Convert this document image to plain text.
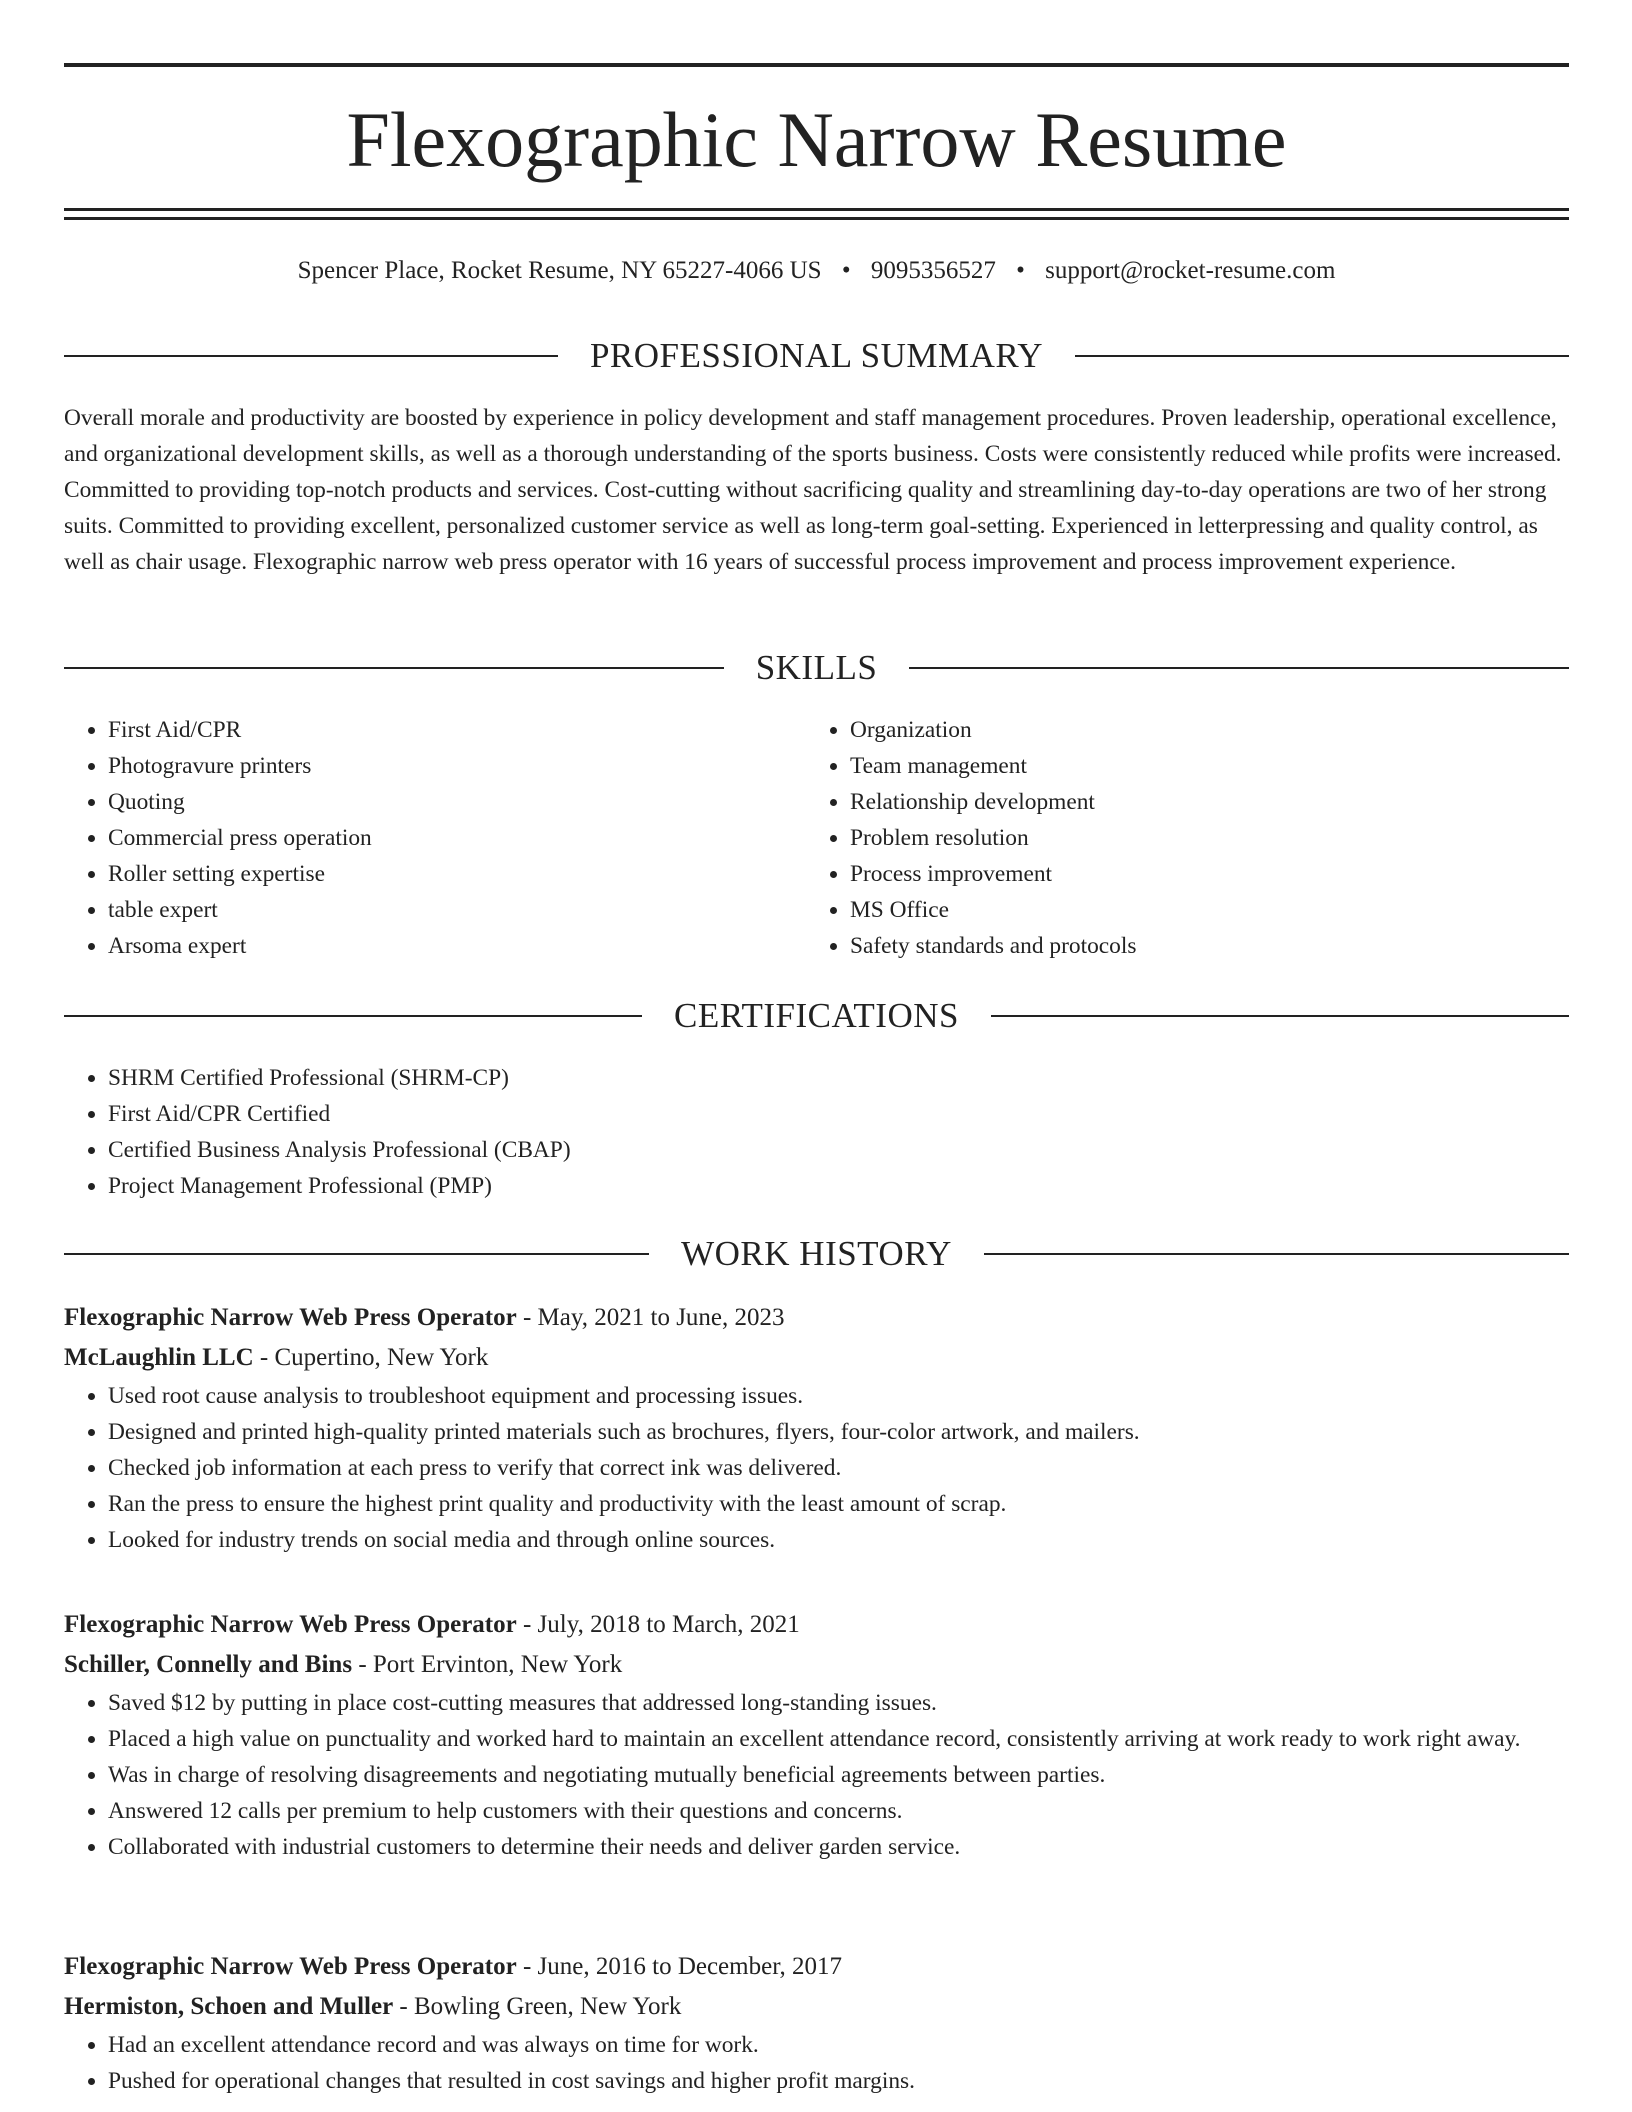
Flexographic Narrow Resume
Spencer Place, Rocket Resume, NY 65227-4066 US • 9095356527 • support@rocket-resume.com
PROFESSIONAL SUMMARY

Overall morale and productivity are boosted by experience in policy development and staff management procedures. Proven leadership, operational excellence, and organizational development skills, as well as a thorough understanding of the sports business. Costs were consistently reduced while profits were increased. Committed to providing top-notch products and services. Cost-cutting without sacrificing quality and streamlining day-to-day operations are two of her strong suits. Committed to providing excellent, personalized customer service as well as long-term goal-setting. Experienced in letterpressing and quality control, as well as chair usage. Flexographic narrow web press operator with 16 years of successful process improvement and process improvement experience.

SKILLS
• First Aid/CPR
• Photogravure printers
• Quoting
• Commercial press operation
• Roller setting expertise
• table expert
• Arsoma expert
• Organization
• Team management
• Relationship development
• Problem resolution
• Process improvement
• MS Office
• Safety standards and protocols
CERTIFICATIONS
• SHRM Certified Professional (SHRM-CP)
• First Aid/CPR Certified
• Certified Business Analysis Professional (CBAP)
• Project Management Professional (PMP)
WORK HISTORY
Flexographic Narrow Web Press Operator - May, 2021 to June, 2023
McLaughlin LLC - Cupertino, New York
• Used root cause analysis to troubleshoot equipment and processing issues.
• Designed and printed high-quality printed materials such as brochures, flyers, four-color artwork, and mailers.
• Checked job information at each press to verify that correct ink was delivered.
• Ran the press to ensure the highest print quality and productivity with the least amount of scrap.
• Looked for industry trends on social media and through online sources.
Flexographic Narrow Web Press Operator - July, 2018 to March, 2021
Schiller, Connelly and Bins - Port Ervinton, New York
• Saved $12 by putting in place cost-cutting measures that addressed long-standing issues.
• Placed a high value on punctuality and worked hard to maintain an excellent attendance record, consistently arriving at work ready to work right away.
• Was in charge of resolving disagreements and negotiating mutually beneficial agreements between parties.
• Answered 12 calls per premium to help customers with their questions and concerns.
• Collaborated with industrial customers to determine their needs and deliver garden service.
Flexographic Narrow Web Press Operator - June, 2016 to December, 2017
Hermiston, Schoen and Muller - Bowling Green, New York
• Had an excellent attendance record and was always on time for work.
• Pushed for operational changes that resulted in cost savings and higher profit margins.
